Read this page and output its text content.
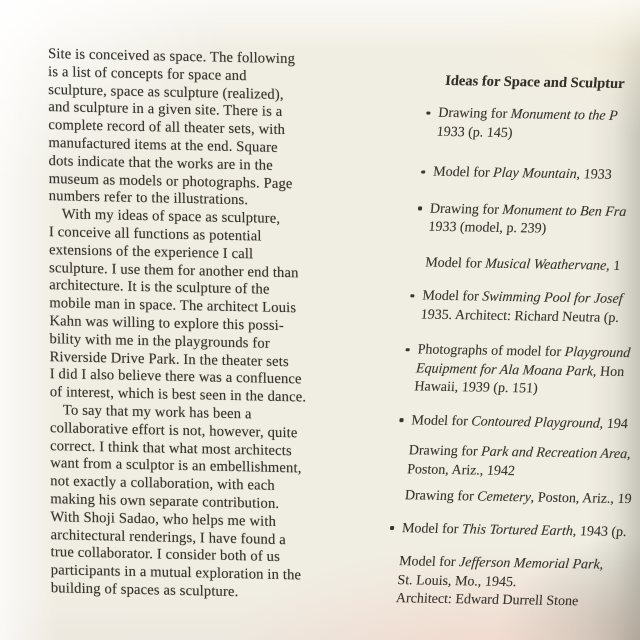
Site is conceived as space. The following
is a list of concepts for space and
sculpture, space as sculpture (realized),
and sculpture in a given site. There is a
complete record of all theater sets, with
manufactured items at the end. Square
dots indicate that the works are in the
museum as models or photographs. Page
numbers refer to the illustrations.
With my ideas of space as sculpture,
I conceive all functions as potential
extensions of the experience I call
sculpture. I use them for another end than
architecture. It is the sculpture of the
mobile man in space. The architect Louis
Kahn was willing to explore this possi-
bility with me in the playgrounds for
Riverside Drive Park. In the theater sets
I did I also believe there was a confluence
of interest, which is best seen in the dance.
To say that my work has been a
collaborative effort is not, however, quite
correct. I think that what most architects
want from a sculptor is an embellishment,
not exactly a collaboration, with each
making his own separate contribution.
With Shoji Sadao, who helps me with
architectural renderings, I have found a
true collaborator. I consider both of us
participants in a mutual exploration in the
building of spaces as sculpture.
Ideas for Space and Sculptur
Drawing for Monument to the P
1933 (p. 145)
Model for Play Mountain, 1933
Drawing for Monument to Ben Fra
1933 (model, p. 239)
Model for Musical Weathervane, 1
Model for Swimming Pool for Josef
1935. Architect: Richard Neutra (p.
Photographs of model for Playground
Equipment for Ala Moana Park, Hon
Hawaii, 1939 (p. 151)
Model for Contoured Playground, 194
Drawing for Park and Recreation Area,
Poston, Ariz., 1942
Drawing for Cemetery, Poston, Ariz., 19
Model for This Tortured Earth, 1943 (p.
Model for Jefferson Memorial Park,
St. Louis, Mo., 1945.
Architect: Edward Durrell Stone
